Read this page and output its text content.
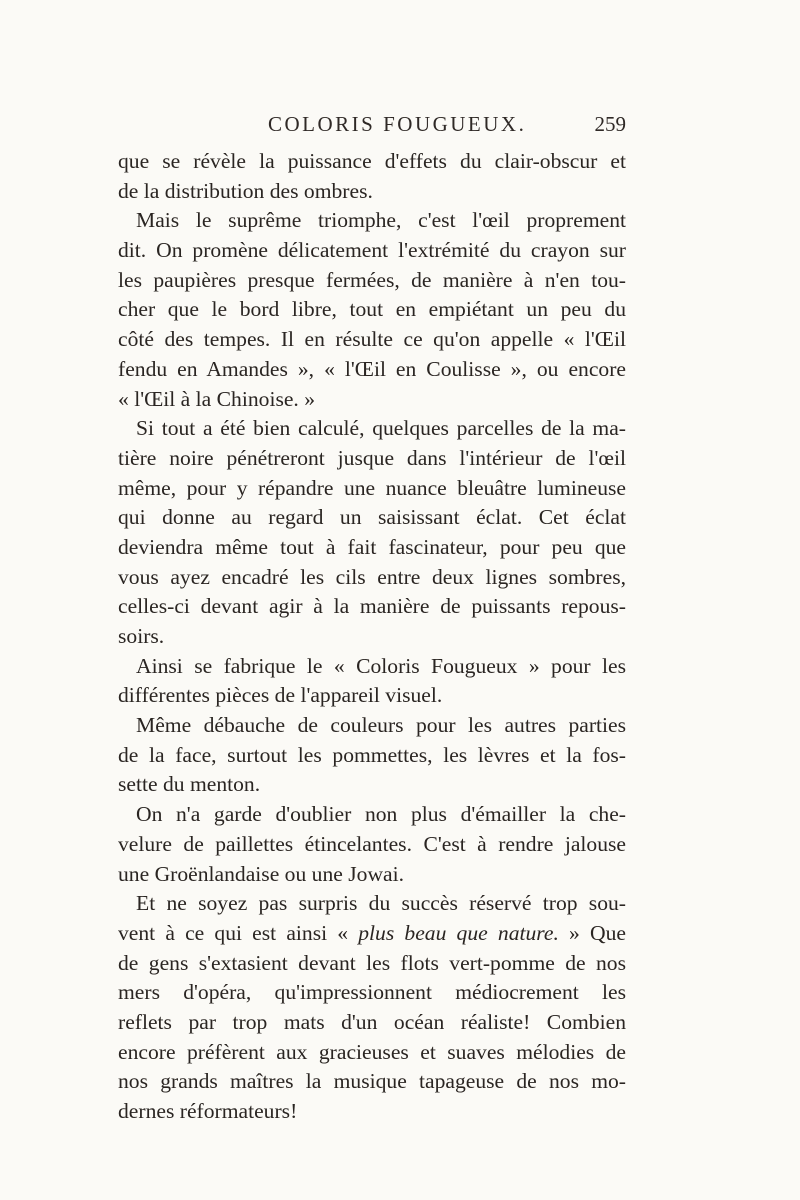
COLORIS FOUGUEUX.	259
que se révèle la puissance d'effets du clair-obscur et
de la distribution des ombres.
Mais le suprême triomphe, c'est l'œil proprement
dit. On promène délicatement l'extrémité du crayon sur
les paupières presque fermées, de manière à n'en tou-
cher que le bord libre, tout en empiétant un peu du
côté des tempes. Il en résulte ce qu'on appelle « l'Œil
fendu en Amandes », « l'Œil en Coulisse », ou encore
« l'Œil à la Chinoise. »
Si tout a été bien calculé, quelques parcelles de la ma-
tière noire pénétreront jusque dans l'intérieur de l'œil
même, pour y répandre une nuance bleuâtre lumineuse
qui donne au regard un saisissant éclat. Cet éclat
deviendra même tout à fait fascinateur, pour peu que
vous ayez encadré les cils entre deux lignes sombres,
celles-ci devant agir à la manière de puissants repous-
soirs.
Ainsi se fabrique le « Coloris Fougueux » pour les
différentes pièces de l'appareil visuel.
Même débauche de couleurs pour les autres parties
de la face, surtout les pommettes, les lèvres et la fos-
sette du menton.
On n'a garde d'oublier non plus d'émailler la che-
velure de paillettes étincelantes. C'est à rendre jalouse
une Groënlandaise ou une Jowai.
Et ne soyez pas surpris du succès réservé trop sou-
vent à ce qui est ainsi « plus beau que nature. » Que
de gens s'extasient devant les flots vert-pomme de nos
mers d'opéra, qu'impressionnent médiocrement les
reflets par trop mats d'un océan réaliste! Combien
encore préfèrent aux gracieuses et suaves mélodies de
nos grands maîtres la musique tapageuse de nos mo-
dernes réformateurs!
